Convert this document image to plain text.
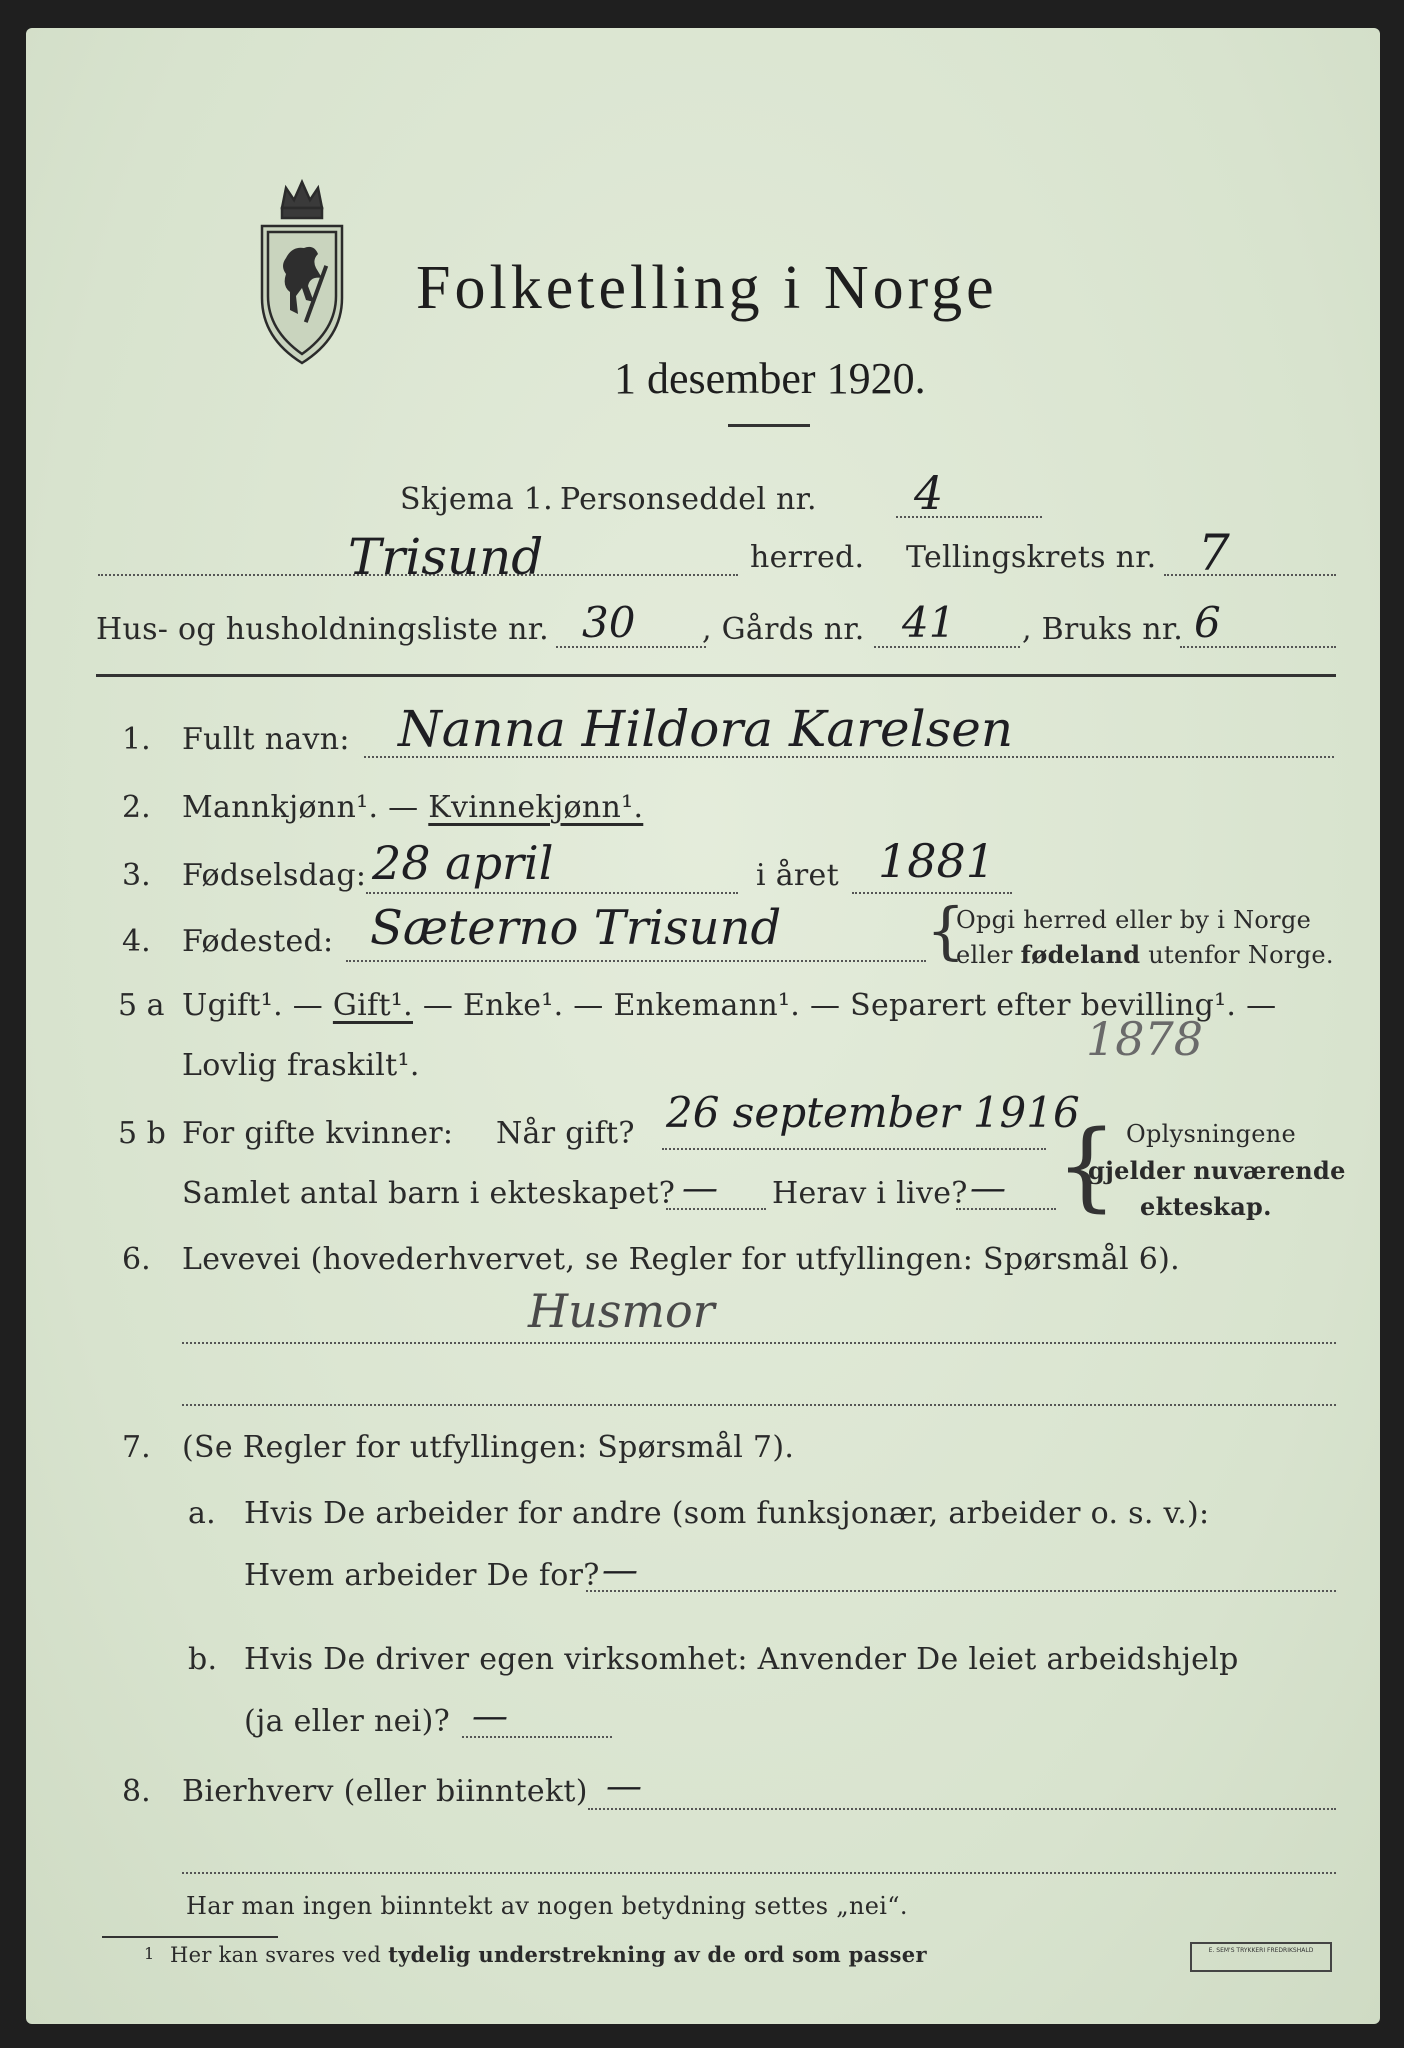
Folketelling i Norge
1 desember 1920.
Skjema 1. Personseddel nr. 4
Trisund	herred. Tellingskrets nr. 7
Hus- og husholdningsliste nr. 30 , Gårds nr. 41 , Bruks nr. 6
1. Fullt navn: Nanna Hildora Karelsen
2. Mannkjønn¹. — Kvinnekjønn¹.
3. Fødselsdag: 28 april	i året 1881
4. Fødested: Sæterno Trisund {
Opgi herred eller by i Norge
eller fødeland utenfor Norge.
5 a Ugift¹. — Gift¹. — Enke¹. — Enkemann¹. — Separert efter bevilling¹. —
Lovlig fraskilt¹.	1878
5 b For gifte kvinner: Når gift? 26 september 1916
Samlet antal barn i ekteskapet? — Herav i live? — { Oplysningene
gjelder nuværende
ekteskap.
6. Levevei (hovederhvervet, se Regler for utfyllingen: Spørsmål 6).
Husmor
7. (Se Regler for utfyllingen: Spørsmål 7).
a. Hvis De arbeider for andre (som funksjonær, arbeider o. s. v.):
Hvem arbeider De for? —
b. Hvis De driver egen virksomhet: Anvender De leiet arbeidshjelp
(ja eller nei)? —
8. Bierhverv (eller biinntekt) —
Har man ingen biinntekt av nogen betydning settes „nei“.
1 Her kan svares ved tydelig understrekning av de ord som passer	E. SEM'S TRYKKERI FREDRIKSHALD
